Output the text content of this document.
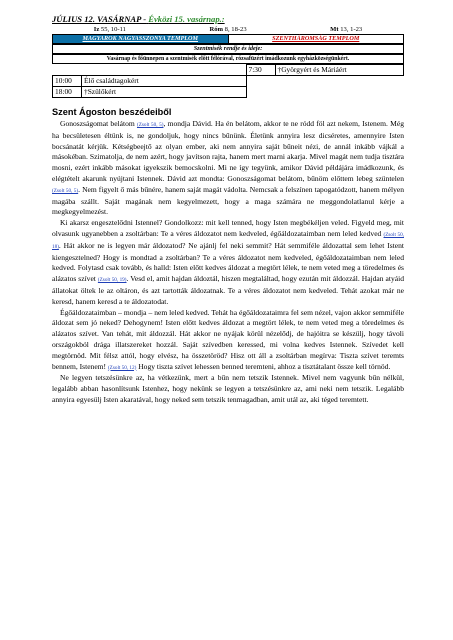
JÚLIUS 12. VASÁRNAP - Évközi 15. vasárnap.:
Iz 55, 10-11	Róm 8, 18-23	Mt 13, 1-23
MAGYAROK NAGYASSZONYA TEMPLOM	SZENTHÁROMSÁG TEMPLOM
Szentmisék rendje és ideje:
Vasárnap és főünnepen a szentmisék előtt félórával, rózsafüzért imádkozunk egyházközségünkért.
		7:30	†Györgyért és Máriáért
10:00	Élő családtagokért		
18:00	†Szülőkért		
Szent Ágoston beszédeiből

Gonoszságomat belátom (Zsolt 50, 5), mondja Dávid. Ha én belátom, akkor te ne ródd föl azt nekem, Istenem. Még ha becsületesen éltünk is, ne gondoljuk, hogy nincs bűnünk. Életünk annyira lesz dicséretes, amennyire Isten bocsánatát kérjük. Kétségbeejtő az olyan ember, aki nem annyira saját bűneit nézi, de annál inkább vájkál a másokéban. Szimatolja, de nem azért, hogy javítson rajta, hanem mert marni akarja. Mivel magát nem tudja tisztára mosni, ezért inkább másokat igyekszik bemocskolni. Mi ne így tegyünk, amikor Dávid példájára imádkozunk, és elégtételt akarunk nyújtani Istennek. Dávid azt mondta: Gonoszságomat belátom, bűnöm előttem lebeg szüntelen (Zsolt 50, 5). Nem figyelt ő más bűnére, hanem saját magát vádolta. Nemcsak a felszínen tapogatódzott, hanem mélyen magába szállt. Saját magának nem kegyelmezett, hogy a maga számára ne meggondolatlanul kérje a megkegyelmezést.

Ki akarsz engesztelődni Istennel? Gondolkozz: mit kell tenned, hogy Isten megbékéljen veled. Figyeld meg, mit olvasunk ugyanebben a zsoltárban: Te a véres áldozatot nem kedveled, égőáldozataimban nem leled kedved (Zsolt 50, 18). Hát akkor ne is legyen már áldozatod? Ne ajánlj fel neki semmit? Hát semmiféle áldozattal sem lehet Istent kiengesztelned? Hogy is mondtad a zsoltárban? Te a véres áldozatot nem kedveled, égőáldozataimban nem leled kedved. Folytasd csak tovább, és halld: Isten előtt kedves áldozat a megtört lélek, te nem veted meg a töredelmes és alázatos szívet (Zsolt 50, 19). Vesd el, amit hajdan áldoztál, hiszen megtaláltad, hogy ezután mit áldozzál. Hajdan atyáid állatokat öltek le az oltáron, és azt tartották áldozatnak. Te a véres áldozatot nem kedveled. Tehát azokat már ne keresd, hanem keresd a te áldozatodat.

Égőáldozataimban – mondja – nem leled kedved. Tehát ha égőáldozataimra fel sem nézel, vajon akkor semmiféle áldozat sem jó neked? Dehogynem! Isten előtt kedves áldozat a megtört lélek, te nem veted meg a töredelmes és alázatos szívet. Van tehát, mit áldozzál. Hát akkor ne nyájak körül nézelődj, de hajóitra se készülj, hogy távoli országokból drága illatszereket hozzál. Saját szívedben keressed, mi volna kedves Istennek. Szívedet kell megtörnöd. Mit félsz attól, hogy elvész, ha összetöröd? Hisz ott áll a zsoltárban megírva: Tiszta szívet teremts bennem, Istenem! (Zsolt 50, 12) Hogy tiszta szívet lehessen benned teremteni, ahhoz a tisztátalant össze kell törnöd.

Ne legyen tetszésünkre az, ha vétkezünk, mert a bűn nem tetszik Istennek. Mivel nem vagyunk bűn nélkül, legalább abban hasonlítsunk Istenhez, hogy nekünk se legyen a tetszésünkre az, ami neki nem tetszik. Legalább annyira egyesülj Isten akaratával, hogy neked sem tetszik tenmagadban, amit utál az, aki téged teremtett.
